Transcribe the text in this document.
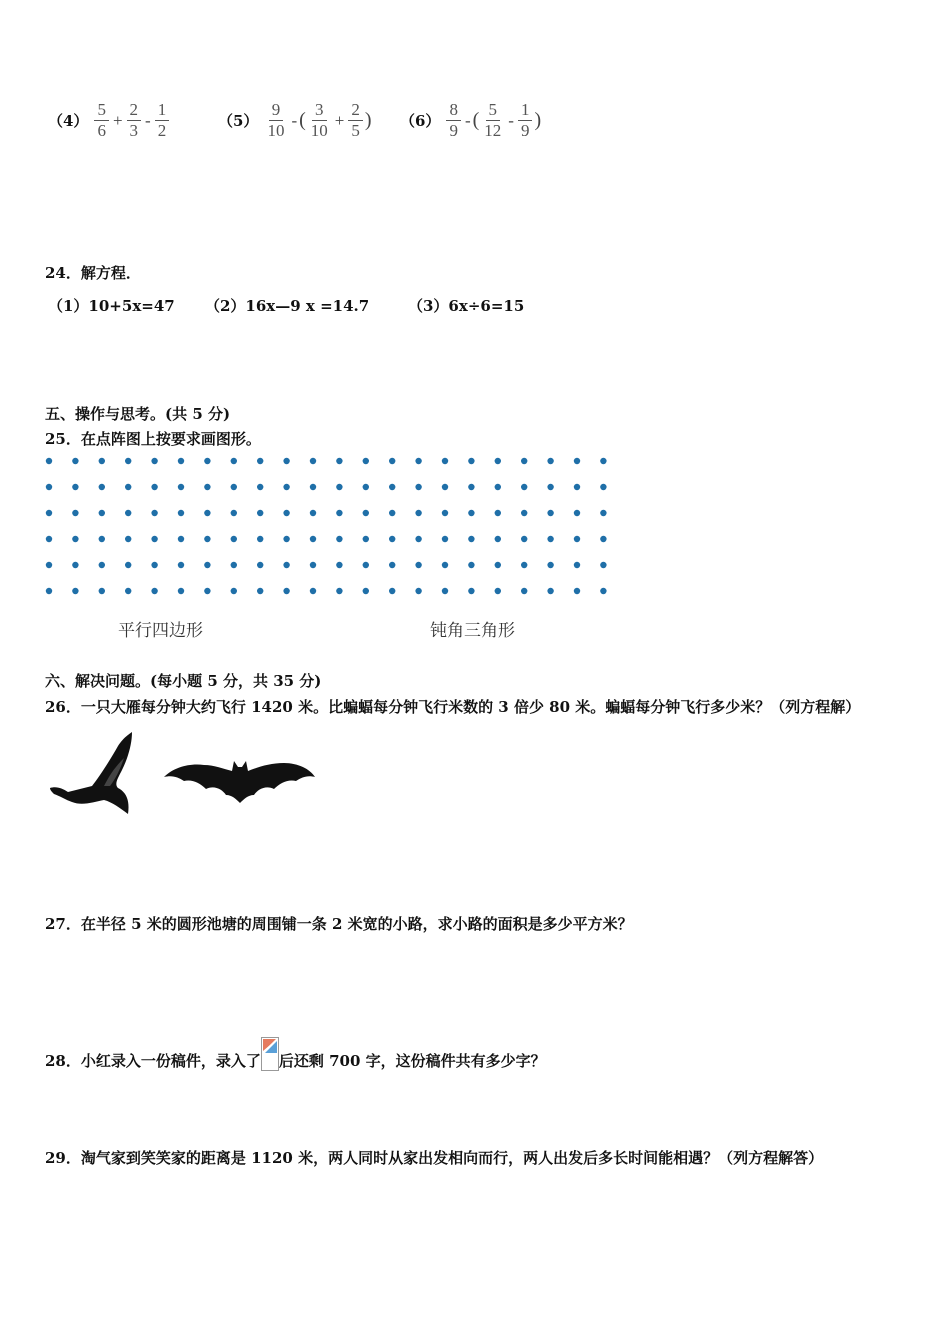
$(4) \frac{5}{6} + \frac{2}{3} - \frac{1}{2}$	$(5) \frac{9}{10}$ - ( $\frac{3}{10} + \frac{2}{5}$ ) $(6) \frac{8}{9}$ - ( $\frac{5}{12} - \frac{1}{9}$ )
24．解方程．
（1）10+5x=47 （2）16x—9 x =14.7	（3）6x÷6=15
五、操作与思考。(共 5 分)
25．在点阵图上按要求画图形。
平行四边形	钝角三角形
六、解决问题。(每小题 5 分，共 35 分)
26．一只大雁每分钟大约飞行 1420 米。比蝙蝠每分钟飞行米数的 3 倍少 80 米。蝙蝠每分钟飞行多少米？（列方程解）
27．在半径 5 米的圆形池塘的周围铺一条 2 米宽的小路，求小路的面积是多少平方米？
28．小红录入一份稿件，录入了 后还剩 700 字，这份稿件共有多少字？
29．淘气家到笑笑家的距离是 1120 米，两人同时从家出发相向而行，两人出发后多长时间能相遇？（列方程解答）
